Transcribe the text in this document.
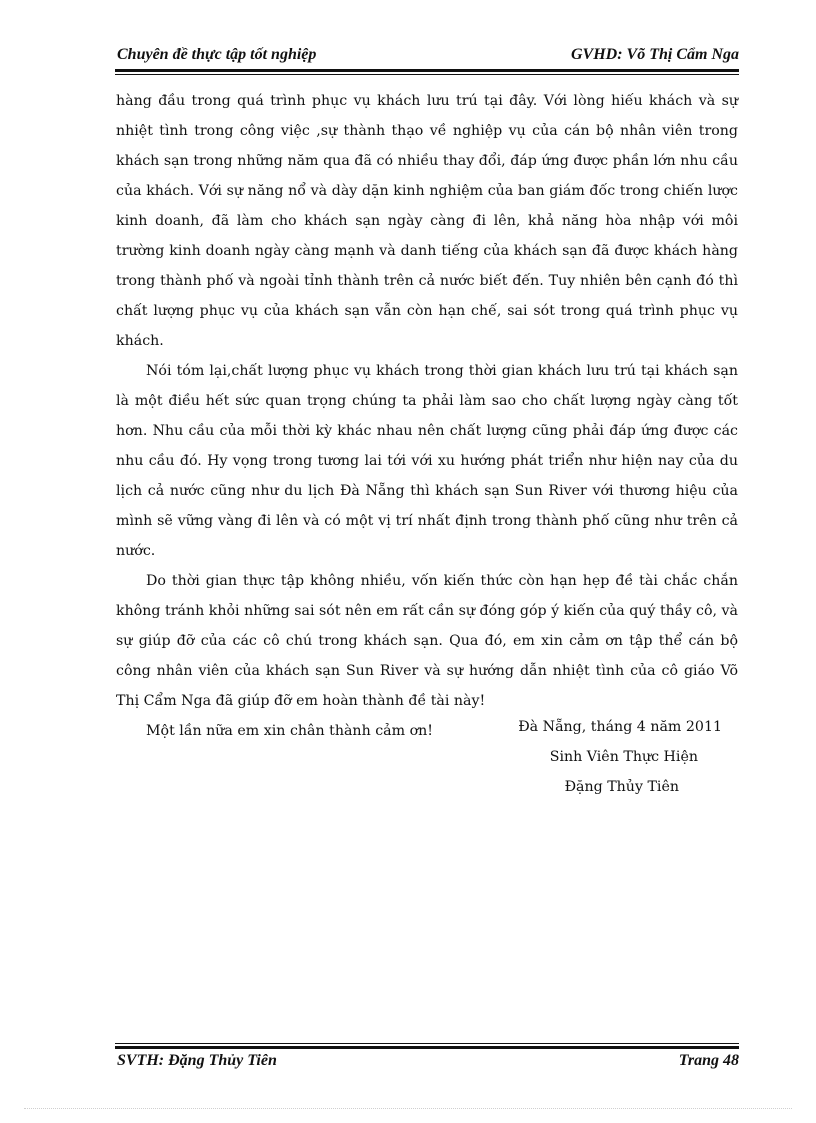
Chuyên đề thực tập tốt nghiệp	GVHD: Võ Thị Cẩm Nga

hàng đầu trong quá trình phục vụ khách lưu trú tại đây. Với lòng hiếu khách và sự nhiệt tình trong công việc ,sự thành thạo về nghiệp vụ của cán bộ nhân viên trong khách sạn trong những năm qua đã có nhiều thay đổi, đáp ứng được phần lớn nhu cầu của khách. Với sự năng nổ và dày dặn kinh nghiệm của ban giám đốc trong chiến lược kinh doanh, đã làm cho khách sạn ngày càng đi lên, khả năng hòa nhập với môi trường kinh doanh ngày càng mạnh và danh tiếng của khách sạn đã được khách hàng trong thành phố và ngoài tỉnh thành trên cả nước biết đến. Tuy nhiên bên cạnh đó thì chất lượng phục vụ của khách sạn vẫn còn hạn chế, sai sót trong quá trình phục vụ khách.

Nói tóm lại,chất lượng phục vụ khách trong thời gian khách lưu trú tại khách sạn là một điều hết sức quan trọng chúng ta phải làm sao cho chất lượng ngày càng tốt hơn. Nhu cầu của mỗi thời kỳ khác nhau nên chất lượng cũng phải đáp ứng được các nhu cầu đó. Hy vọng trong tương lai tới với xu hướng phát triển như hiện nay của du lịch cả nước cũng như du lịch Đà Nẵng thì khách sạn Sun River với thương hiệu của mình sẽ vững vàng đi lên và có một vị trí nhất định trong thành phố cũng như trên cả nước.

Do thời gian thực tập không nhiều, vốn kiến thức còn hạn hẹp đề tài chắc chắn không tránh khỏi những sai sót nên em rất cần sự đóng góp ý kiến của quý thầy cô, và sự giúp đỡ của các cô chú trong khách sạn. Qua đó, em xin cảm ơn tập thể cán bộ công nhân viên của khách sạn Sun River và sự hướng dẫn nhiệt tình của cô giáo Võ Thị Cẩm Nga đã giúp đỡ em hoàn thành đề tài này!

Một lần nữa em xin chân thành cảm ơn!	Đà Nẵng, tháng 4 năm 2011
Sinh Viên Thực Hiện
Đặng Thủy Tiên
SVTH: Đặng Thủy Tiên	Trang 48
